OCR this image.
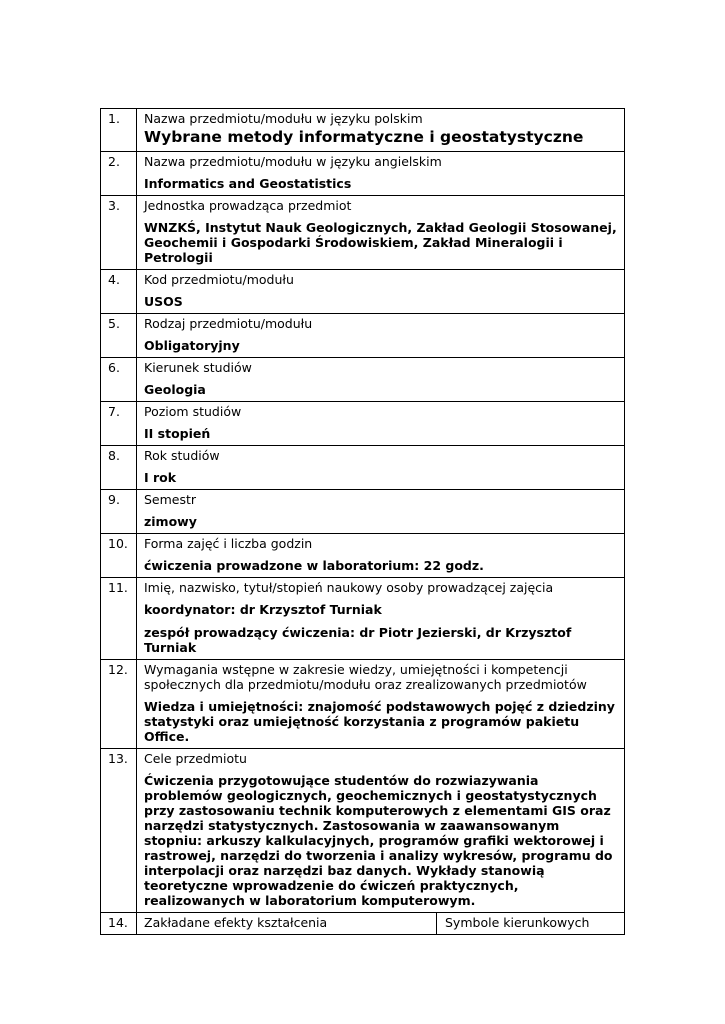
1.	Nazwa przedmiotu/modułu w języku polskim
Wybrane metody informatyczne i geostatystyczne	

2.	Nazwa przedmiotu/modułu w języku angielskim
Informatics and Geostatistics	

3.	Jednostka prowadząca przedmiot
WNZKŚ, Instytut Nauk Geologicznych, Zakład Geologii Stosowanej, Geochemii i Gospodarki Środowiskiem, Zakład Mineralogii i Petrologii	

4.	Kod przedmiotu/modułu
USOS	

5.	Rodzaj przedmiotu/modułu
Obligatoryjny	

6.	Kierunek studiów
Geologia	

7.	Poziom studiów
II stopień	

8.	Rok studiów
I rok	

9.	Semestr
zimowy	

10.	Forma zajęć i liczba godzin
ćwiczenia prowadzone w laboratorium: 22 godz.	

11.	Imię, nazwisko, tytuł/stopień naukowy osoby prowadzącej zajęcia
koordynator: dr Krzysztof Turniak
zespół prowadzący ćwiczenia: dr Piotr Jezierski, dr Krzysztof Turniak	

12.	Wymagania wstępne w zakresie wiedzy, umiejętności i kompetencji społecznych dla przedmiotu/modułu oraz zrealizowanych przedmiotów
Wiedza i umiejętności: znajomość podstawowych pojęć z dziedziny statystyki oraz umiejętność korzystania z programów pakietu Office.	

13.	Cele przedmiotu
Ćwiczenia przygotowujące studentów do rozwiazywania problemów geologicznych, geochemicznych i geostatystycznych przy zastosowaniu technik komputerowych z elementami GIS oraz narzędzi statystycznych. Zastosowania w zaawansowanym stopniu: arkuszy kalkulacyjnych, programów grafiki wektorowej i rastrowej, narzędzi do tworzenia i analizy wykresów, programu do interpolacji oraz narzędzi baz danych. Wykłady stanowią teoretyczne wprowadzenie do ćwiczeń praktycznych, realizowanych w laboratorium komputerowym.	

14.	Zakładane efekty kształcenia	Symbole kierunkowych
